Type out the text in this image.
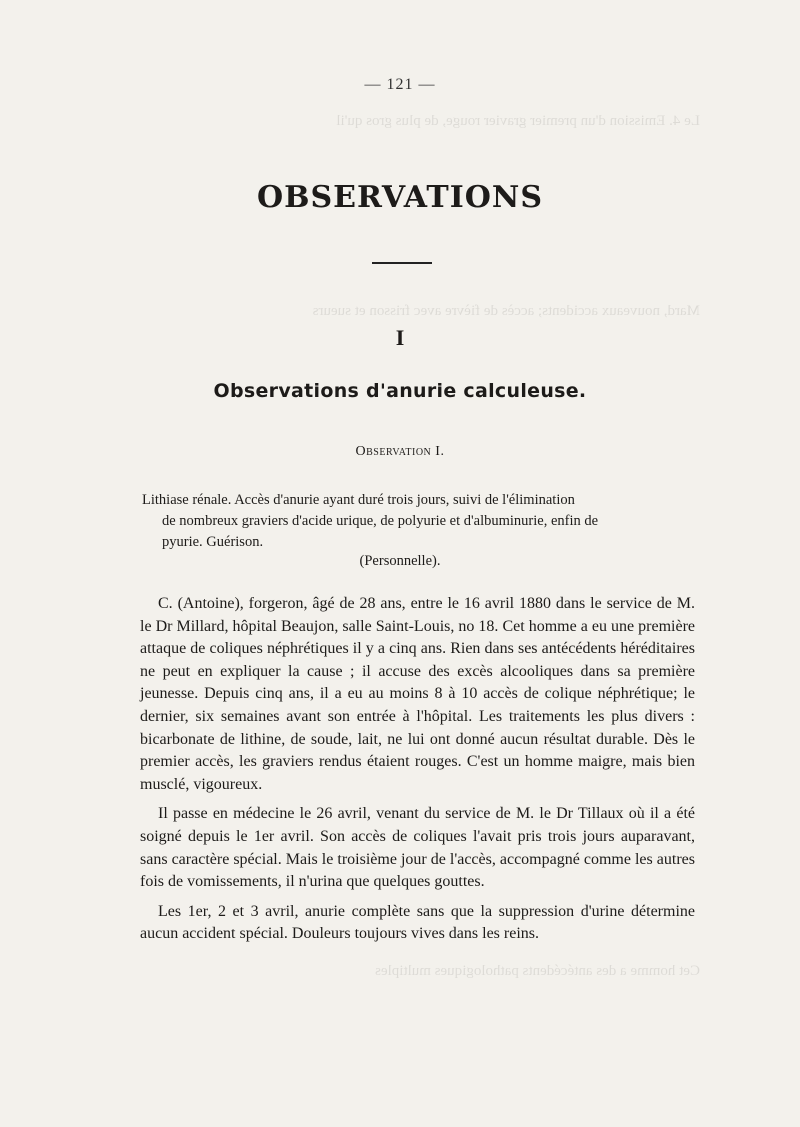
Le 4. Emission d'un premier gravier rouge, de plus gros qu'il
Mard, nouveaux accidents; accès de fièvre avec frisson et sueurs
Cet homme a des antécédents pathologiques multiples
— 121 —
OBSERVATIONS
I
Observations d'anurie calculeuse.
Observation I.

Lithiase rénale. Accès d'anurie ayant duré trois jours, suivi de l'élimination

de nombreux graviers d'acide urique, de polyurie et d'albuminurie, enfin de

pyurie. Guérison.

(Personnelle).

C. (Antoine), forgeron, âgé de 28 ans, entre le 16 avril 1880 dans le service de M. le Dr Millard, hôpital Beaujon, salle Saint-Louis, no 18. Cet homme a eu une première attaque de coliques néphrétiques il y a cinq ans. Rien dans ses antécédents héréditaires ne peut en expliquer la cause ; il accuse des excès alcooliques dans sa première jeunesse. Depuis cinq ans, il a eu au moins 8 à 10 accès de colique néphrétique; le dernier, six semaines avant son entrée à l'hôpital. Les traitements les plus divers : bicarbonate de lithine, de soude, lait, ne lui ont donné aucun résultat durable. Dès le premier accès, les graviers rendus étaient rouges. C'est un homme maigre, mais bien musclé, vigoureux.

Il passe en médecine le 26 avril, venant du service de M. le Dr Tillaux où il a été soigné depuis le 1er avril. Son accès de coliques l'avait pris trois jours auparavant, sans caractère spécial. Mais le troisième jour de l'accès, accompagné comme les autres fois de vomissements, il n'urina que quelques gouttes.

Les 1er, 2 et 3 avril, anurie complète sans que la suppression d'urine détermine aucun accident spécial. Douleurs toujours vives dans les reins.
